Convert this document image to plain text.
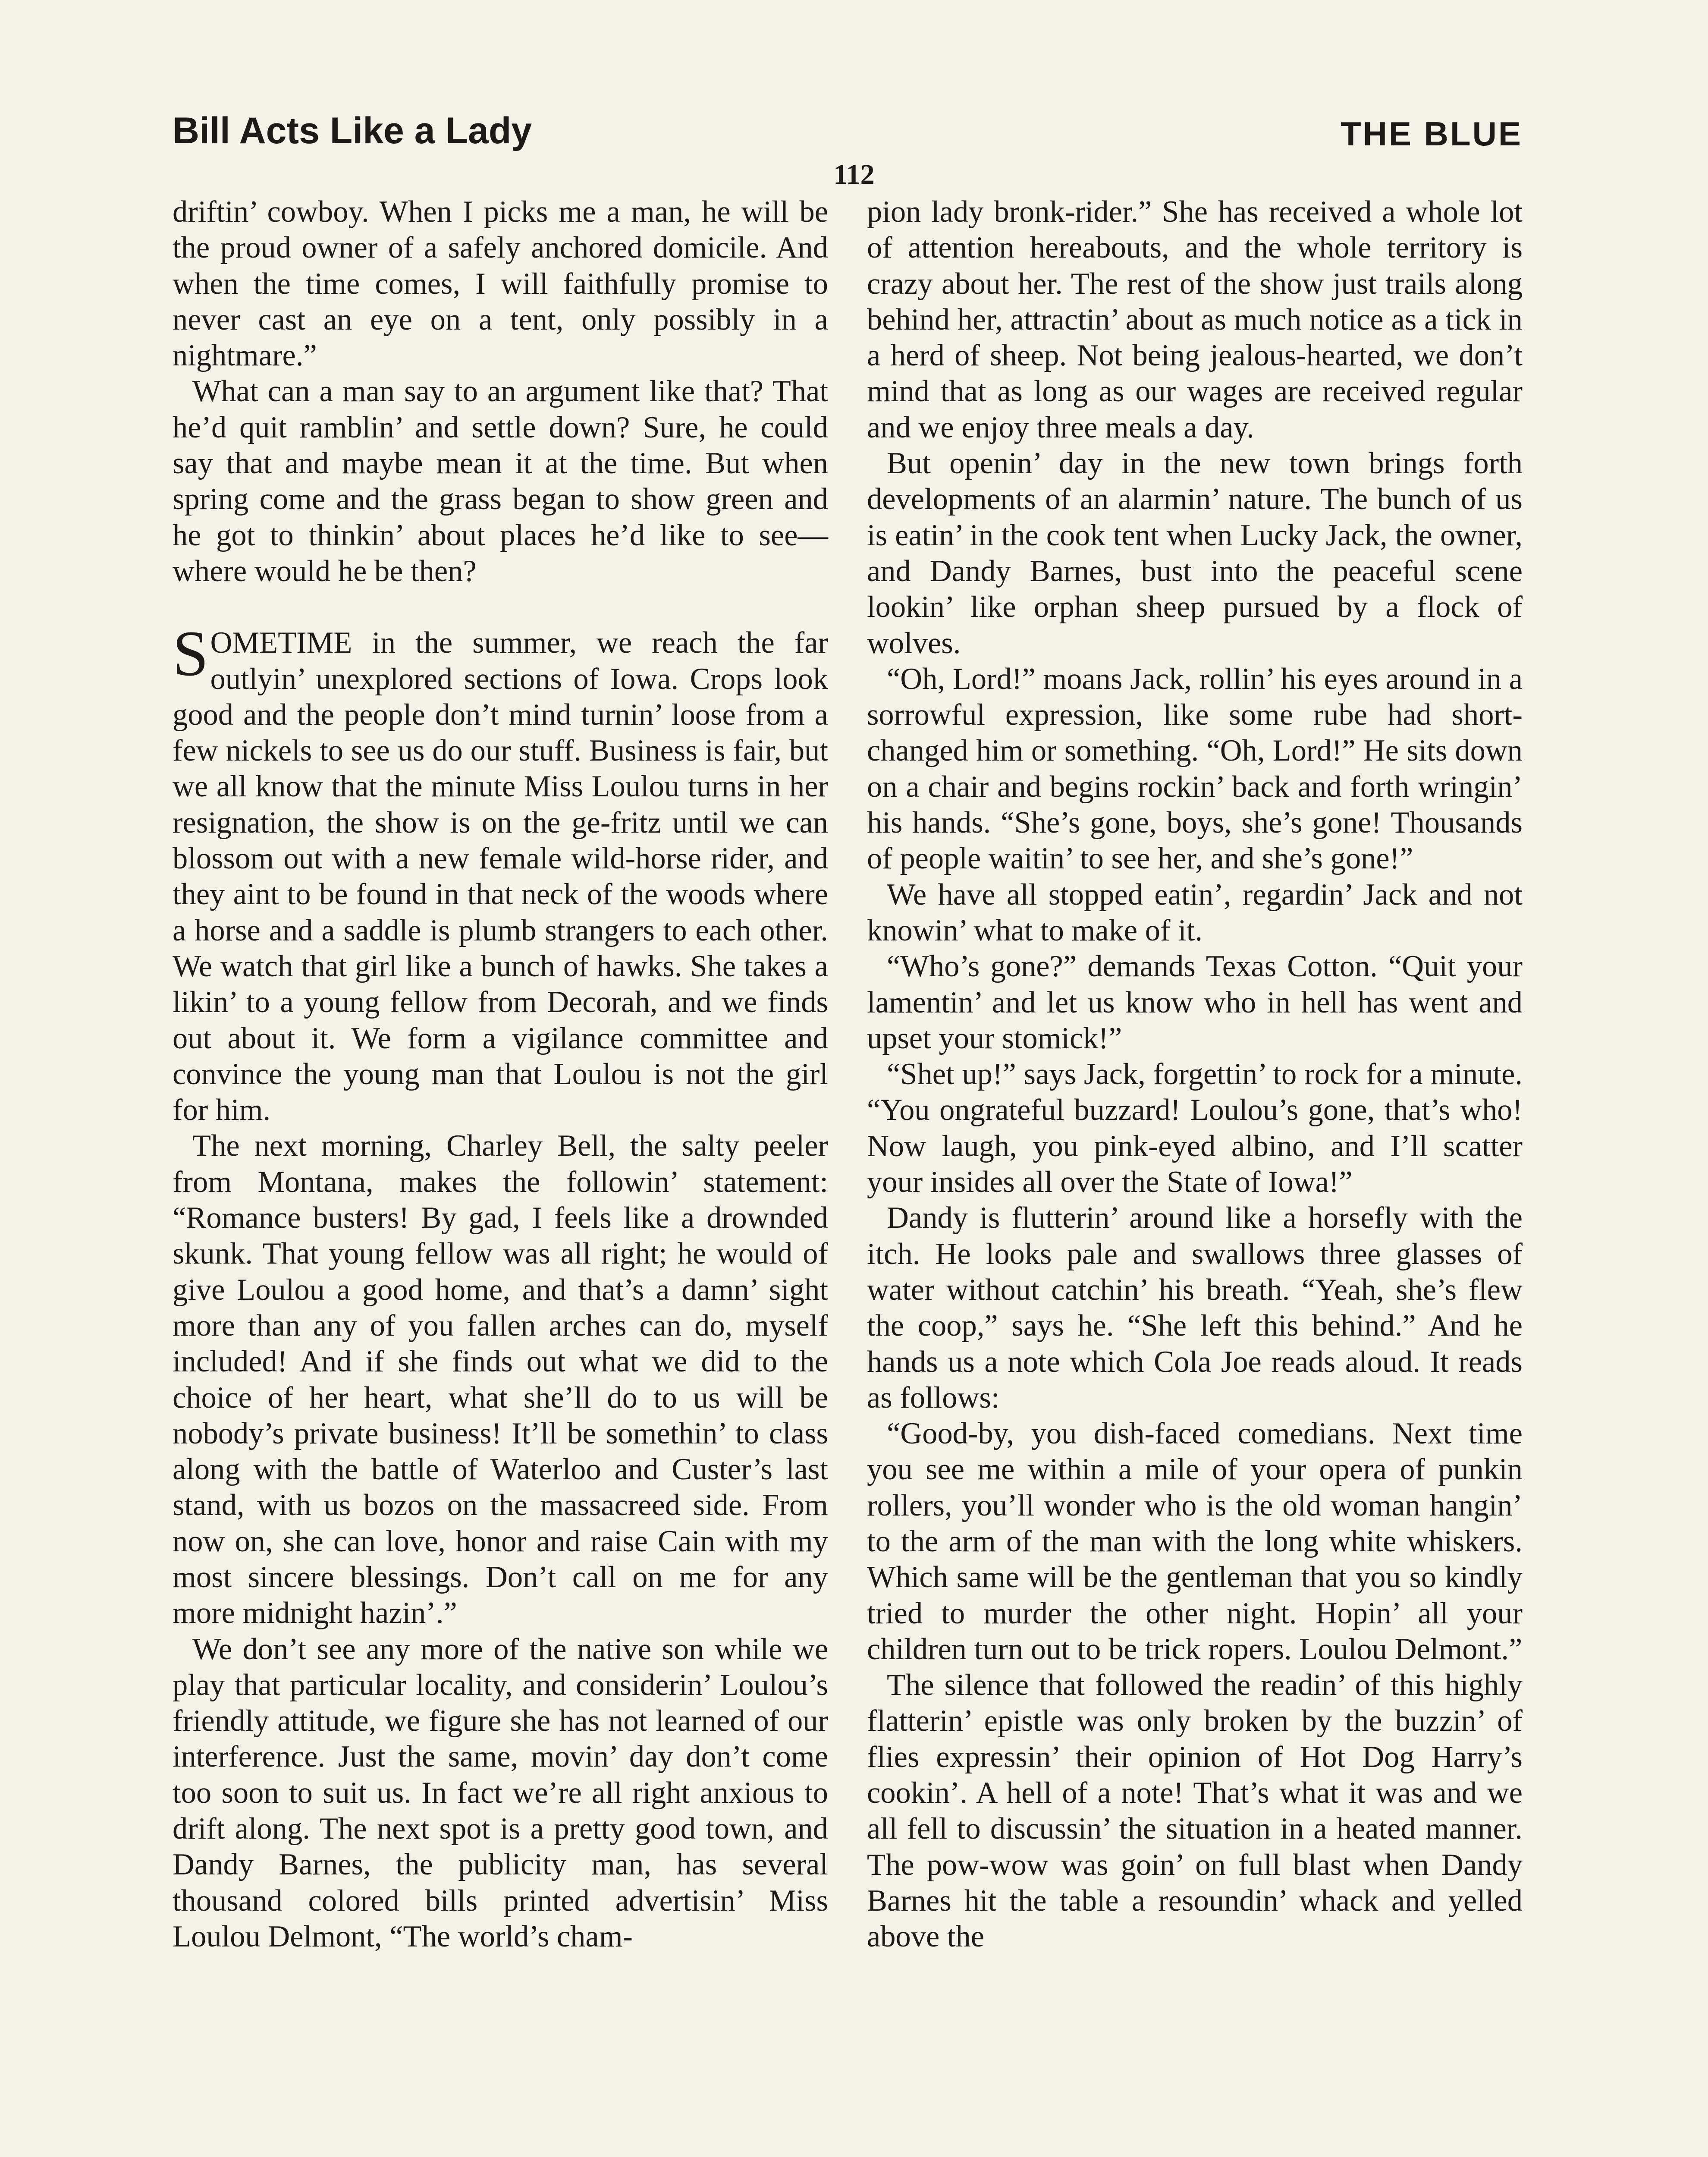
Bill Acts Like a Lady	THE BLUE
112

driftin’ cowboy. When I picks me a man, he will be the proud owner of a safely anchored domicile. And when the time comes, I will faithfully promise to never cast an eye on a tent, only possibly in a nightmare.”

What can a man say to an argument like that? That he’d quit ramblin’ and settle down? Sure, he could say that and maybe mean it at the time. But when spring come and the grass began to show green and he got to thinkin’ about places he’d like to see—where would he be then?

SOMETIME in the summer, we reach the far outlyin’ unexplored sections of Iowa. Crops look good and the people don’t mind turnin’ loose from a few nickels to see us do our stuff. Business is fair, but we all know that the minute Miss Loulou turns in her resignation, the show is on the ge-fritz until we can blossom out with a new female wild-horse rider, and they aint to be found in that neck of the woods where a horse and a saddle is plumb strangers to each other. We watch that girl like a bunch of hawks. She takes a likin’ to a young fellow from Decorah, and we finds out about it. We form a vigilance committee and convince the young man that Loulou is not the girl for him.

The next morning, Charley Bell, the salty peeler from Montana, makes the followin’ statement: “Romance busters! By gad, I feels like a drownded skunk. That young fellow was all right; he would of give Loulou a good home, and that’s a damn’ sight more than any of you fallen arches can do, myself included! And if she finds out what we did to the choice of her heart, what she’ll do to us will be nobody’s private business! It’ll be somethin’ to class along with the battle of Waterloo and Custer’s last stand, with us bozos on the massacreed side. From now on, she can love, honor and raise Cain with my most sincere blessings. Don’t call on me for any more midnight hazin’.”

We don’t see any more of the native son while we play that particular locality, and considerin’ Loulou’s friendly attitude, we figure she has not learned of our interference. Just the same, movin’ day don’t come too soon to suit us. In fact we’re all right anxious to drift along. The next spot is a pretty good town, and Dandy Barnes, the publicity man, has several thousand colored bills printed advertisin’ Miss Loulou Delmont, “The world’s cham-

pion lady bronk-rider.” She has received a whole lot of attention hereabouts, and the whole territory is crazy about her. The rest of the show just trails along behind her, attractin’ about as much notice as a tick in a herd of sheep. Not being jealous-hearted, we don’t mind that as long as our wages are received regular and we enjoy three meals a day.

But openin’ day in the new town brings forth developments of an alarmin’ nature. The bunch of us is eatin’ in the cook tent when Lucky Jack, the owner, and Dandy Barnes, bust into the peaceful scene lookin’ like orphan sheep pursued by a flock of wolves.

“Oh, Lord!” moans Jack, rollin’ his eyes around in a sorrowful expression, like some rube had short-changed him or something. “Oh, Lord!” He sits down on a chair and begins rockin’ back and forth wringin’ his hands. “She’s gone, boys, she’s gone! Thousands of people waitin’ to see her, and she’s gone!”

We have all stopped eatin’, regardin’ Jack and not knowin’ what to make of it.

“Who’s gone?” demands Texas Cotton. “Quit your lamentin’ and let us know who in hell has went and upset your stomick!”

“Shet up!” says Jack, forgettin’ to rock for a minute. “You ongrateful buzzard! Loulou’s gone, that’s who! Now laugh, you pink-eyed albino, and I’ll scatter your insides all over the State of Iowa!”

Dandy is flutterin’ around like a horsefly with the itch. He looks pale and swallows three glasses of water without catchin’ his breath. “Yeah, she’s flew the coop,” says he. “She left this behind.” And he hands us a note which Cola Joe reads aloud. It reads as follows:

“Good-by, you dish-faced comedians. Next time you see me within a mile of your opera of punkin rollers, you’ll wonder who is the old woman hangin’ to the arm of the man with the long white whiskers. Which same will be the gentleman that you so kindly tried to murder the other night. Hopin’ all your children turn out to be trick ropers. Loulou Delmont.”

The silence that followed the readin’ of this highly flatterin’ epistle was only broken by the buzzin’ of flies expressin’ their opinion of Hot Dog Harry’s cookin’. A hell of a note! That’s what it was and we all fell to discussin’ the situation in a heated manner. The pow-wow was goin’ on full blast when Dandy Barnes hit the table a resoundin’ whack and yelled above the
